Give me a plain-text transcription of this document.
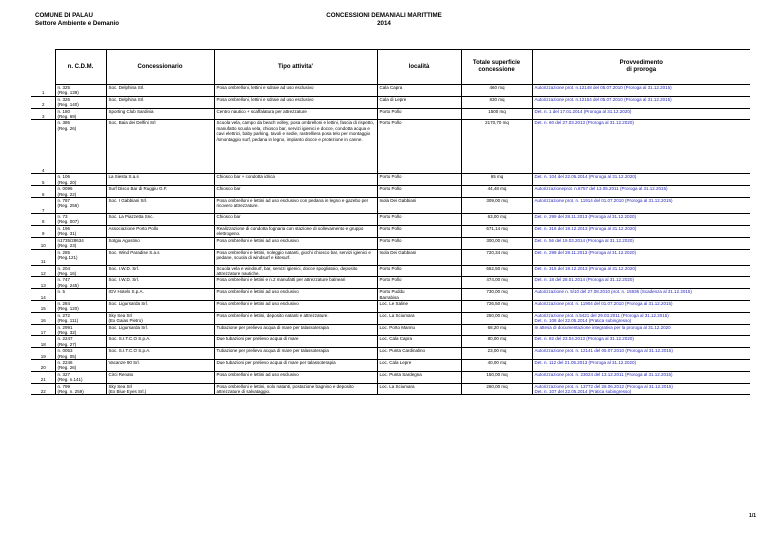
COMUNE DI PALAU
Settore Ambiente e Demanio
CONCESSIONI DEMANIALI MARITTIME
2014
	n. C.D.M.	Concessionario	Tipo attivita'	località	Totale superficie
concessione	Provvedimento
di proroga
1	n. 325
(Reg. 139)	Soc. Delphina Srl.	Posa ombrelloni, lettini e sdraie ad uso esclusivo	Cala Capra	460 mq	Autorizzazione prot. n.12148 del 05.07.2010 (Proroga al 31.12.2015)
2	n. 326
(Reg. 140)	Soc. Delphina Srl.	Posa ombrelloni, lettini e sdraie ad uso esclusivo	Cala di Lepre	830 mq	Autorizzazione prot. n.12154 del 05.07.2010 (Proroga al 31.12.2015)
3	n. 180
(Reg. 69)	Sporting Club Sardinia	Centro nautico + scaffalatura per attrezzature	Porto Pollo	1500 mq	Det. n. 1 del 17.01.2014 (Proroga al 31.12.2020)
4	n. 386
(Reg. 26)	Soc. Baia dei Delfini Srl	Scuola vela, campo da beach volley, posa ombrelloni e lettini, fascia di rispetto, manufatto scuola vela, chiosco bar, servizi igienici e docce, condotta acqua e cavi elettrici, baby parking, tavoli e sedie, rastrelliera posa telo per montaggio /smontaggio surf, pedana in legno, impianto docce e protezione in canne.	Porto Pollo	2170,70 mq	Det. n. 60 del 27.03.2013 (Proroga al 31.12.2020)
5	n. 106
(Reg. 20)	La Siesta S.a.s	Chiosco bar + condotta idrica	Porto Pollo	65 mq	Det. n. 104 del 22.05.2014 (Proroga al 31.12.2020)
6	n. 0096
(Reg. 22)	Surf Disco Bar di Ruggiu G.F.	Chiosco bar	Porto Pollo	44,48 mq	Autorizzazioneprot. n.8757 del 13.05.2011 (Proroga al 31.12.2015)
7	n. 787
(Reg. 256)	Soc. I Gabbiani Srl.	Posa ombrelloni e lettini ad uso esclusivo con pedana in legno e gazebo per ricovero attrezzature.	Isola Dei Gabbiani	309,00 mq	Autorizzazione prot. n. 11914 del 01.07.2010 (Proroga al 31.12.2015)
8	n. 73
(Reg. 007)	Soc. La Piazzetta Snc.	Chiosco bar	Porto Pollo	63,00 mq	Det. n. 299 del 28.11.2013 (Proroga al 31.12.2020)
9	n. 196
(Reg. 31)	Associazione Porto Pollo	Realizzazione di condotta fognaria con stazione di sollevamento e gruppo elettrogeno.	Porto Pollo	671,14 mq	Det. n. 316 del 19.12.2013 (Proroga al 31.12.2020)
10	n1735/28634
(Reg. 23)	Sotgiu Agostino	Posa ombrelloni e lettini ad uso esclusivo	Porto Pollo	300,00 mq	Det. n. 56 del 19.03.2014 (Proroga al 31.12.2020)
11	n. 285
(Reg.121)	Soc. Wind Paradise S.a.s	Posa ombrelloni e lettini, noleggio natanti, giochi chiosco bar, servizi igienici e pedane, scuola di windsurf e kitesurf.	Isola Dei Gabbiani	720,34 mq	Det. n. 298 del 28.11.2013 (Proroga al 31.12.2020)
12	n. 204
(Reg. 16)	Soc. I.W.D. Srl.	Scuola vela e windsurf, bar, servizi igienici, docce spogliatoio, deposito attrezzature nautiche.	Porto Pollo	662,50 mq	Det. n. 315 del 19.12.2013 (Proroga al 31.12.2020)
13	n. 747
(Reg. 245)	Soc. I.W.D. Srl.	Posa ombrelloni e lettini e n.2 manufatti per attrezzature balneari	Porto Pollo	474,00 mq	Det. n. 18 del 28.01.2014 (Proroga al 31.12.2020)
14	n. 5	IGV Hotels S.p.A.	Posa ombrelloni e lettini ad uso esclusivo	Porto Puddu
Barrabisa	730,00 mq	Autorizzazione n. 5/10 del 27.08.2010 prot. n. 15936 (Scadenza al 31.12.2015)
15	n. 284
(Reg. 120)	Soc. Ligursarda Srl.	Posa ombrelloni e lettini ad uso esclusivo	Loc. Le Saline	726,50 mq	Autorizzazione prot. n. 11904 del 01.07.2010 (Proroga al 31.12.2015)
16	n. 272
(Reg. 111)	Sky Sea Srl
(Ex Gaias Pietro)	Posa ombrelloni e lettini, deposito natanti e attrezzature.	Loc. La Sciumara	250,00 mq	Autorizzazione prot. n.5421 del 29.03.2011 (Proroga al 31.12.2015)
Det. n. 108 del 22.05.2014 (Pratica subingresso)
17	n. 2991
(Reg. 32)	Soc. Ligursarda Srl.	Tubazione per prelievo acqua di mare per talassoterapia	Loc. Porto Mannu	68,20 mq	In attesa di documentazione integrativa per la proroga al 31.12.2020
18	n. 2247
(Reg. 27)	Soc. S.I.T.C.O S.p.A.	Due tubazioni per prelievo acqua di mare	Loc. Cala Capra	80,00 mq	Det. n. 82 del 23.04.2013 (Proroga al 31.12.2020)
19	n. 0053
(Reg. 05)	Soc. S.I.T.C.O S.p.A.	Tubazione per prelievo acqua di mare per talassoterapia	Loc. Punta Cardinalino	23,00 mq	Autorizzazione prot. n. 12141 del 05.07.2010 (Proroga al 31.12.2015)
20	n. 2246
(Reg. 26)	Vacanze 90 Srl.	Due tubazioni per prelievo acqua di mare per talassoterapia	Loc. Cala Lepre	40,00 mq	Det. n. 112 del 21.05.2013 (Proroga al 31.12.2020)
21	n. 327
(Reg. n.141)	Circi Renato	Posa ombrelloni e lettini ad uso esclusivo	Loc. Punta Sardegna	150,00 mq	Autorizzazione prot. n. 23024 del 13.12.2011 (Proroga al 31.12.2015)
22	n. 799
(Reg. n. 259)	Sky Sea Srl
(Ex Blue Eyes Srl.)	Posa ombrelloni e lettini, nolo natanti, postazione bagnino e deposito attrezzature di salvataggio.	Loc. La Sciumara	260,00 mq	Autorizzazione prot. n. 13772 del 28.06.2012 (Proroga al 31.12.2015)
Det. n. 107 del 22.05.2014 (Pratica subingresso)
1/1
